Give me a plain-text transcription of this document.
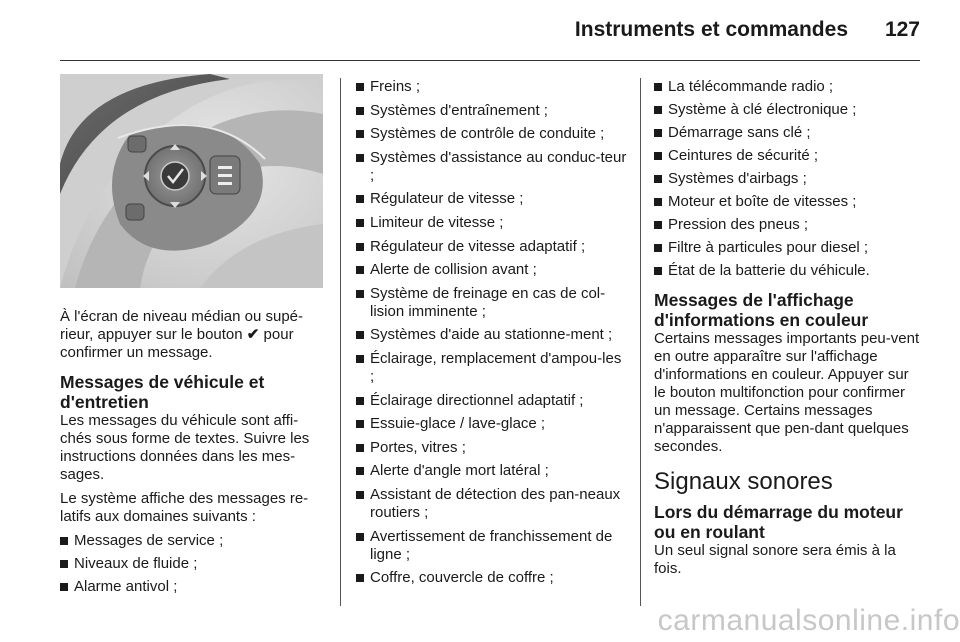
Instruments et commandes 127

À l'écran de niveau médian ou supé-rieur, appuyer sur le bouton ✔ pour confirmer un message.

Messages de véhicule et d'entretien

Les messages du véhicule sont affi-chés sous forme de textes. Suivre les instructions données dans les mes-sages.

Le système affiche des messages re-latifs aux domaines suivants :

Messages de service ;
Niveaux de fluide ;
Alarme antivol ;
Freins ;
Systèmes d'entraînement ;
Systèmes de contrôle de conduite ;
Systèmes d'assistance au conduc-teur ;
Régulateur de vitesse ;
Limiteur de vitesse ;
Régulateur de vitesse adaptatif ;
Alerte de collision avant ;
Système de freinage en cas de col-lision imminente ;
Systèmes d'aide au stationne-ment ;
Éclairage, remplacement d'ampou-les ;
Éclairage directionnel adaptatif ;
Essuie-glace / lave-glace ;
Portes, vitres ;
Alerte d'angle mort latéral ;
Assistant de détection des pan-neaux routiers ;
Avertissement de franchissement de ligne ;
Coffre, couvercle de coffre ;
La télécommande radio ;
Système à clé électronique ;
Démarrage sans clé ;
Ceintures de sécurité ;
Systèmes d'airbags ;
Moteur et boîte de vitesses ;
Pression des pneus ;
Filtre à particules pour diesel ;
État de la batterie du véhicule.
Messages de l'affichage d'informations en couleur

Certains messages importants peu-vent en outre apparaître sur l'affichage d'informations en couleur. Appuyer sur le bouton multifonction pour confirmer un message. Certains messages n'apparaissent que pen-dant quelques secondes.

Signaux sonores
Lors du démarrage du moteur ou en roulant

Un seul signal sonore sera émis à la fois.

carmanualsonline.info
